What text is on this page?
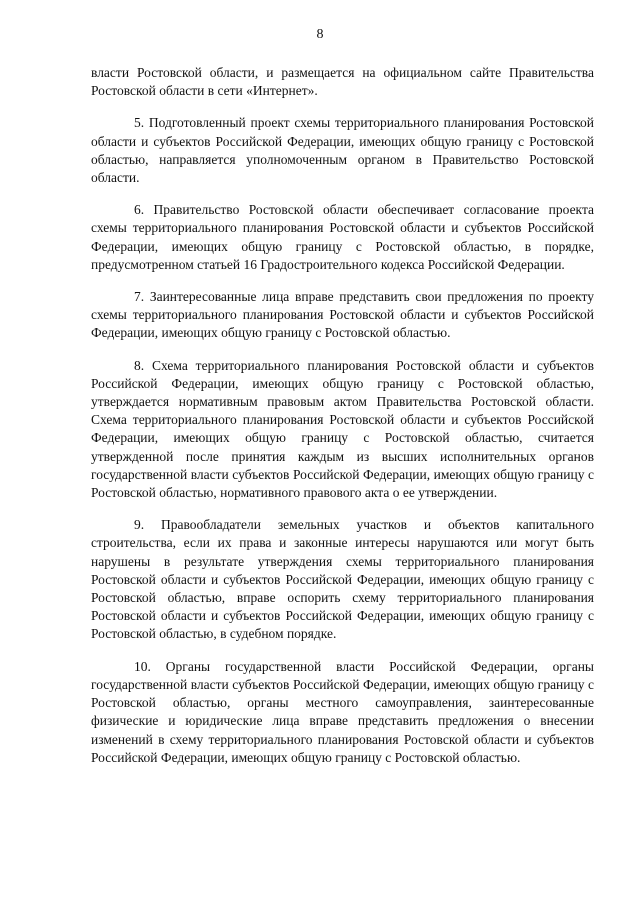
8

власти Ростовской области, и размещается на официальном сайте Правительства Ростовской области в сети «Интернет».

5. Подготовленный проект схемы территориального планирования Ростовской области и субъектов Российской Федерации, имеющих общую границу с Ростовской областью, направляется уполномоченным органом в Правительство Ростовской области.

6. Правительство Ростовской области обеспечивает согласование проекта схемы территориального планирования Ростовской области и субъектов Российской Федерации, имеющих общую границу с Ростовской областью, в порядке, предусмотренном статьей 16 Градостроительного кодекса Российской Федерации.

7. Заинтересованные лица вправе представить свои предложения по проекту схемы территориального планирования Ростовской области и субъектов Российской Федерации, имеющих общую границу с Ростовской областью.

8. Схема территориального планирования Ростовской области и субъектов Российской Федерации, имеющих общую границу с Ростовской областью, утверждается нормативным правовым актом Правительства Ростовской области. Схема территориального планирования Ростовской области и субъектов Российской Федерации, имеющих общую границу с Ростовской областью, считается утвержденной после принятия каждым из высших исполнительных органов государственной власти субъектов Российской Федерации, имеющих общую границу с Ростовской областью, нормативного правового акта о ее утверждении.

9. Правообладатели земельных участков и объектов капитального строительства, если их права и законные интересы нарушаются или могут быть нарушены в результате утверждения схемы территориального планирования Ростовской области и субъектов Российской Федерации, имеющих общую границу с Ростовской областью, вправе оспорить схему территориального планирования Ростовской области и субъектов Российской Федерации, имеющих общую границу с Ростовской областью, в судебном порядке.

10. Органы государственной власти Российской Федерации, органы государственной власти субъектов Российской Федерации, имеющих общую границу с Ростовской областью, органы местного самоуправления, заинтересованные физические и юридические лица вправе представить предложения о внесении изменений в схему территориального планирования Ростовской области и субъектов Российской Федерации, имеющих общую границу с Ростовской областью.
